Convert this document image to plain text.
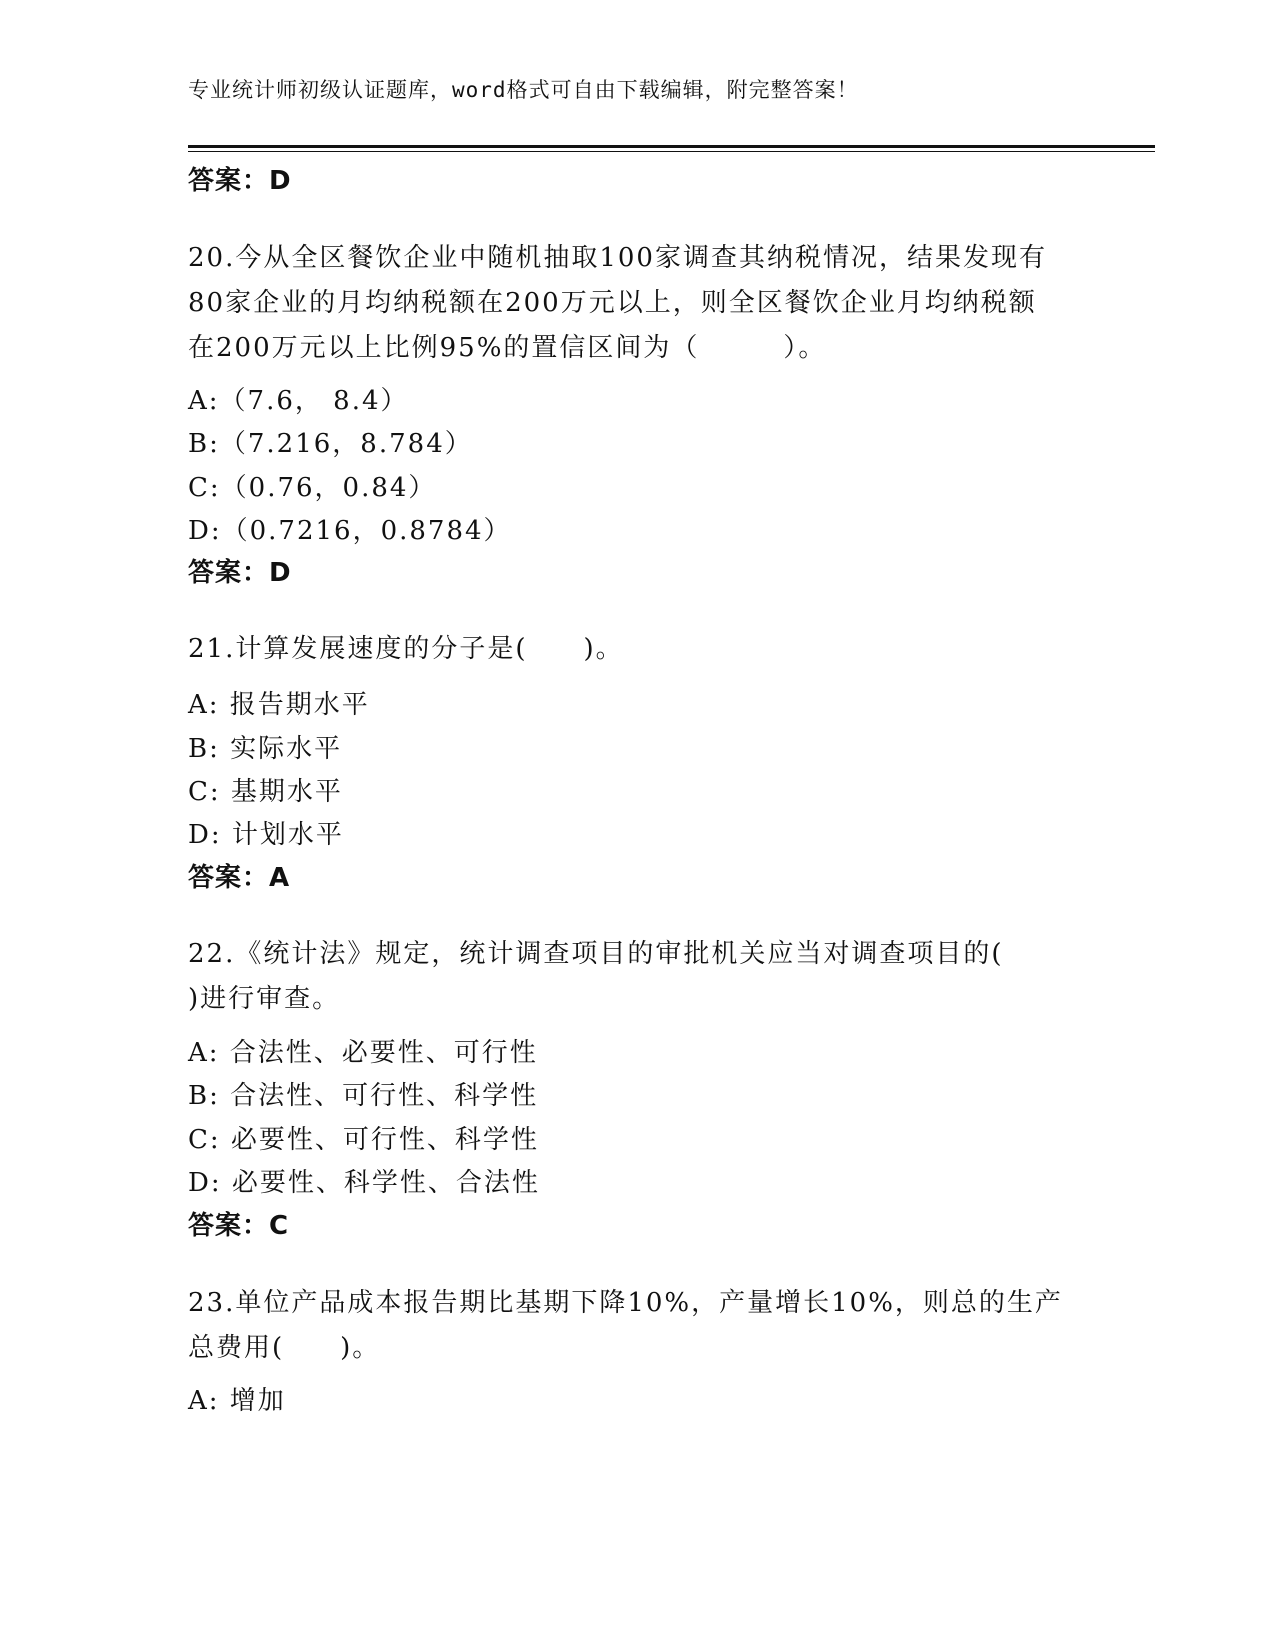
专业统计师初级认证题库，word格式可自由下载编辑，附完整答案！
答案：D
20.今从全区餐饮企业中随机抽取100家调查其纳税情况，结果发现有
80家企业的月均纳税额在200万元以上，则全区餐饮企业月均纳税额
在200万元以上比例95%的置信区间为（　　　）。
A:（7.6， 8.4）
B:（7.216，8.784）
C:（0.76，0.84）
D:（0.7216，0.8784）
答案：D
21.计算发展速度的分子是(　　)。
A: 报告期水平
B: 实际水平
C: 基期水平
D: 计划水平
答案：A
22.《统计法》规定，统计调查项目的审批机关应当对调查项目的(
)进行审查。
A: 合法性、必要性、可行性
B: 合法性、可行性、科学性
C: 必要性、可行性、科学性
D: 必要性、科学性、合法性
答案：C
23.单位产品成本报告期比基期下降10%，产量增长10%，则总的生产
总费用(　　)。
A: 增加
